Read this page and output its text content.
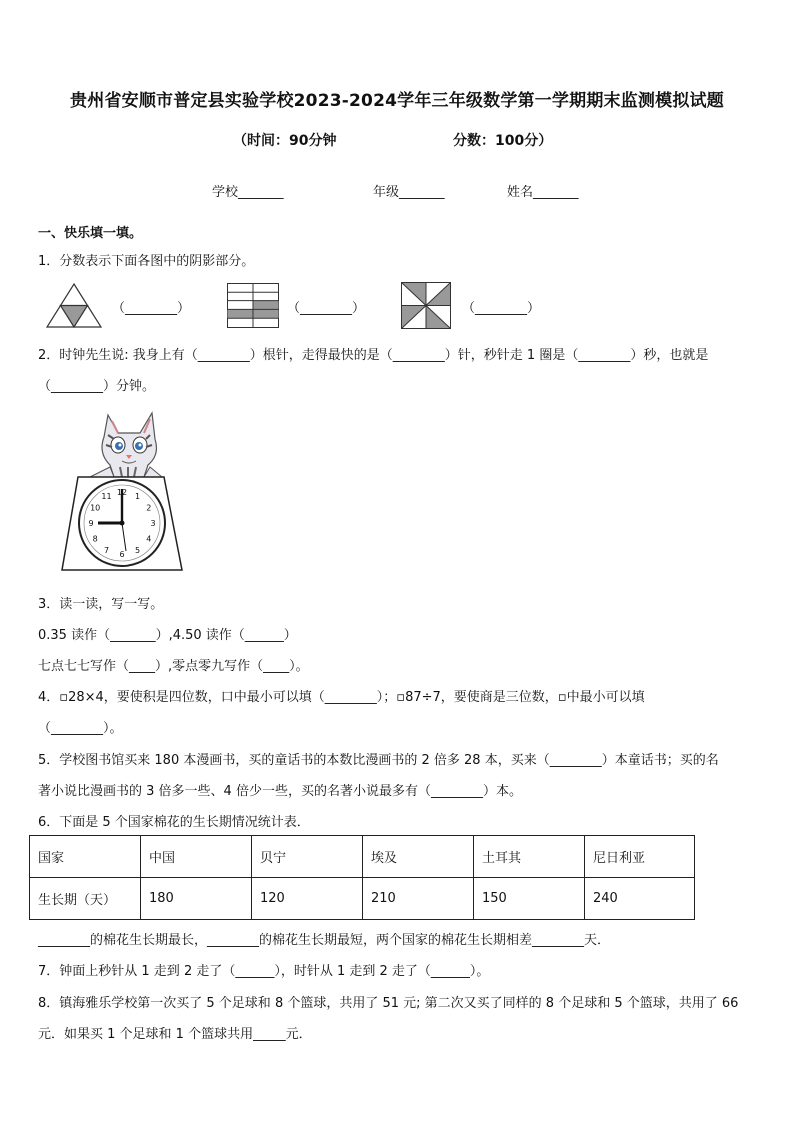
贵州省安顺市普定县实验学校2023-2024学年三年级数学第一学期期末监测模拟试题
（时间：90分钟	分数：100分）
学校_______	年级_______	姓名_______
一、快乐填一填。
1．分数表示下面各图中的阴影部分。
（________）	（________）	（________）
2．时钟先生说: 我身上有（________）根针，走得最快的是（________）针，秒针走 1 圈是（________）秒，也就是
（________）分钟。
12 1
2
3
4
5
6
7
8
9
10
11
3．读一读，写一写。
0.35 读作（_______）,4.50 读作（______）
七点七七写作（____）,零点零九写作（____）。
4．▫28×4，要使积是四位数，口中最小可以填（________）；▫87÷7，要使商是三位数，▫中最小可以填
（________）。
5．学校图书馆买来 180 本漫画书，买的童话书的本数比漫画书的 2 倍多 28 本，买来（________）本童话书；买的名
著小说比漫画书的 3 倍多一些、4 倍少一些，买的名著小说最多有（________）本。
6．下面是 5 个国家棉花的生长期情况统计表．
国家	中国	贝宁	埃及	土耳其	尼日利亚
生长期（天）	180	120	210	150	240
________的棉花生长期最长，________的棉花生长期最短，两个国家的棉花生长期相差________天．
7．钟面上秒针从 1 走到 2 走了（______），时针从 1 走到 2 走了（______）。
8．镇海雅乐学校第一次买了 5 个足球和 8 个篮球，共用了 51 元; 第二次又买了同样的 8 个足球和 5 个篮球，共用了 66
元．如果买 1 个足球和 1 个篮球共用_____元．
